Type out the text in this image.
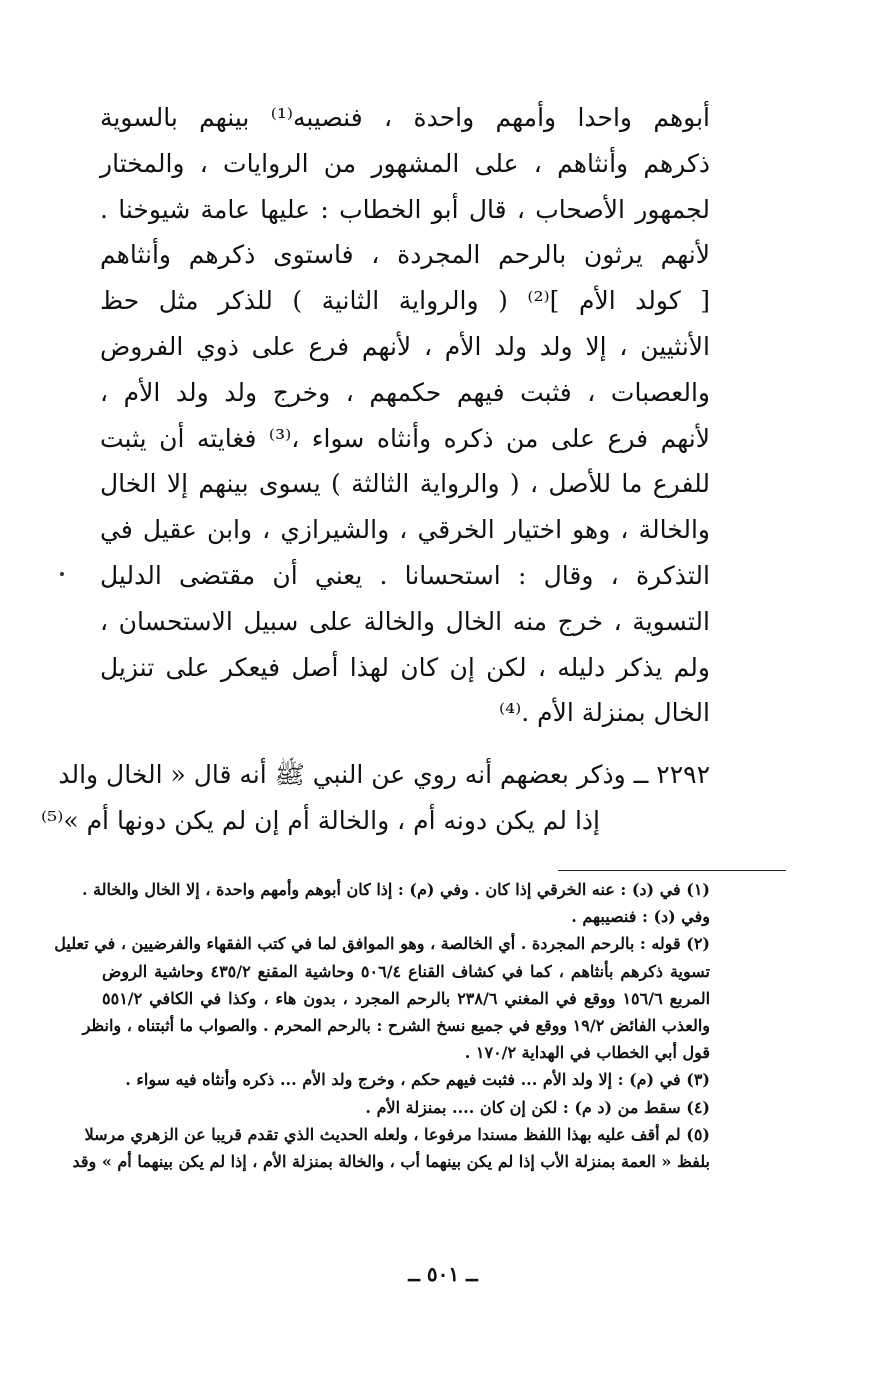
أبوهم واحدا وأمهم واحدة ، فنصيبه⁽¹⁾ بينهم بالسوية
ذكرهم وأنثاهم ، على المشهور من الروايات ، والمختار
لجمهور الأصحاب ، قال أبو الخطاب : عليها عامة شيوخنا .
لأنهم يرثون بالرحم المجردة ، فاستوى ذكرهم وأنثاهم
[ كولد الأم ]⁽²⁾ ( والرواية الثانية ) للذكر مثل حظ
الأنثيين ، إلا ولد ولد الأم ، لأنهم فرع على ذوي الفروض
والعصبات ، فثبت فيهم حكمهم ، وخرج ولد ولد الأم ،
لأنهم فرع على من ذكره وأنثاه سواء ،⁽³⁾ فغايته أن يثبت
للفرع ما للأصل ، ( والرواية الثالثة ) يسوى بينهم إلا الخال
والخالة ، وهو اختيار الخرقي ، والشيرازي ، وابن عقيل في
التذكرة ، وقال : استحسانا . يعني أن مقتضى الدليل
التسوية ، خرج منه الخال والخالة على سبيل الاستحسان ،
ولم يذكر دليله ، لكن إن كان لهذا أصل فيعكر على تنزيل
الخال بمنزلة الأم .⁽⁴⁾
٢٢٩٢ ــ وذكر بعضهم أنه روي عن النبي ﷺ أنه قال « الخال والد
إذا لم يكن دونه أم ، والخالة أم إن لم يكن دونها أم »⁽⁵⁾
(١) في (د) : عنه الخرقي إذا كان . وفي (م) : إذا كان أبوهم وأمهم واحدة ، إلا الخال والخالة .
وفي (د) : فنصيبهم .
(٢) قوله : بالرحم المجردة . أي الخالصة ، وهو الموافق لما في كتب الفقهاء والفرضيين ، في تعليل
تسوية ذكرهم بأنثاهم ، كما في كشاف القناع ٥٠٦/٤ وحاشية المقنع ٤٣٥/٢ وحاشية الروض
المربع ١٥٦/٦ ووقع في المغني ٢٣٨/٦ بالرحم المجرد ، بدون هاء ، وكذا في الكافي ٥٥١/٢
والعذب الفائض ١٩/٢ ووقع في جميع نسخ الشرح : بالرحم المحرم . والصواب ما أثبتناه ، وانظر
قول أبي الخطاب في الهداية ١٧٠/٢ .
(٣) في (م) : إلا ولد الأم ... فثبت فيهم حكم ، وخرج ولد الأم ... ذكره وأنثاه فيه سواء .
(٤) سقط من (د م) : لكن إن كان .... بمنزلة الأم .
(٥) لم أقف عليه بهذا اللفظ مسندا مرفوعا ، ولعله الحديث الذي تقدم قريبا عن الزهري مرسلا
بلفظ « العمة بمنزلة الأب إذا لم يكن بينهما أب ، والخالة بمنزلة الأم ، إذا لم يكن بينهما أم » وقد
ــ ٥٠١ ــ
